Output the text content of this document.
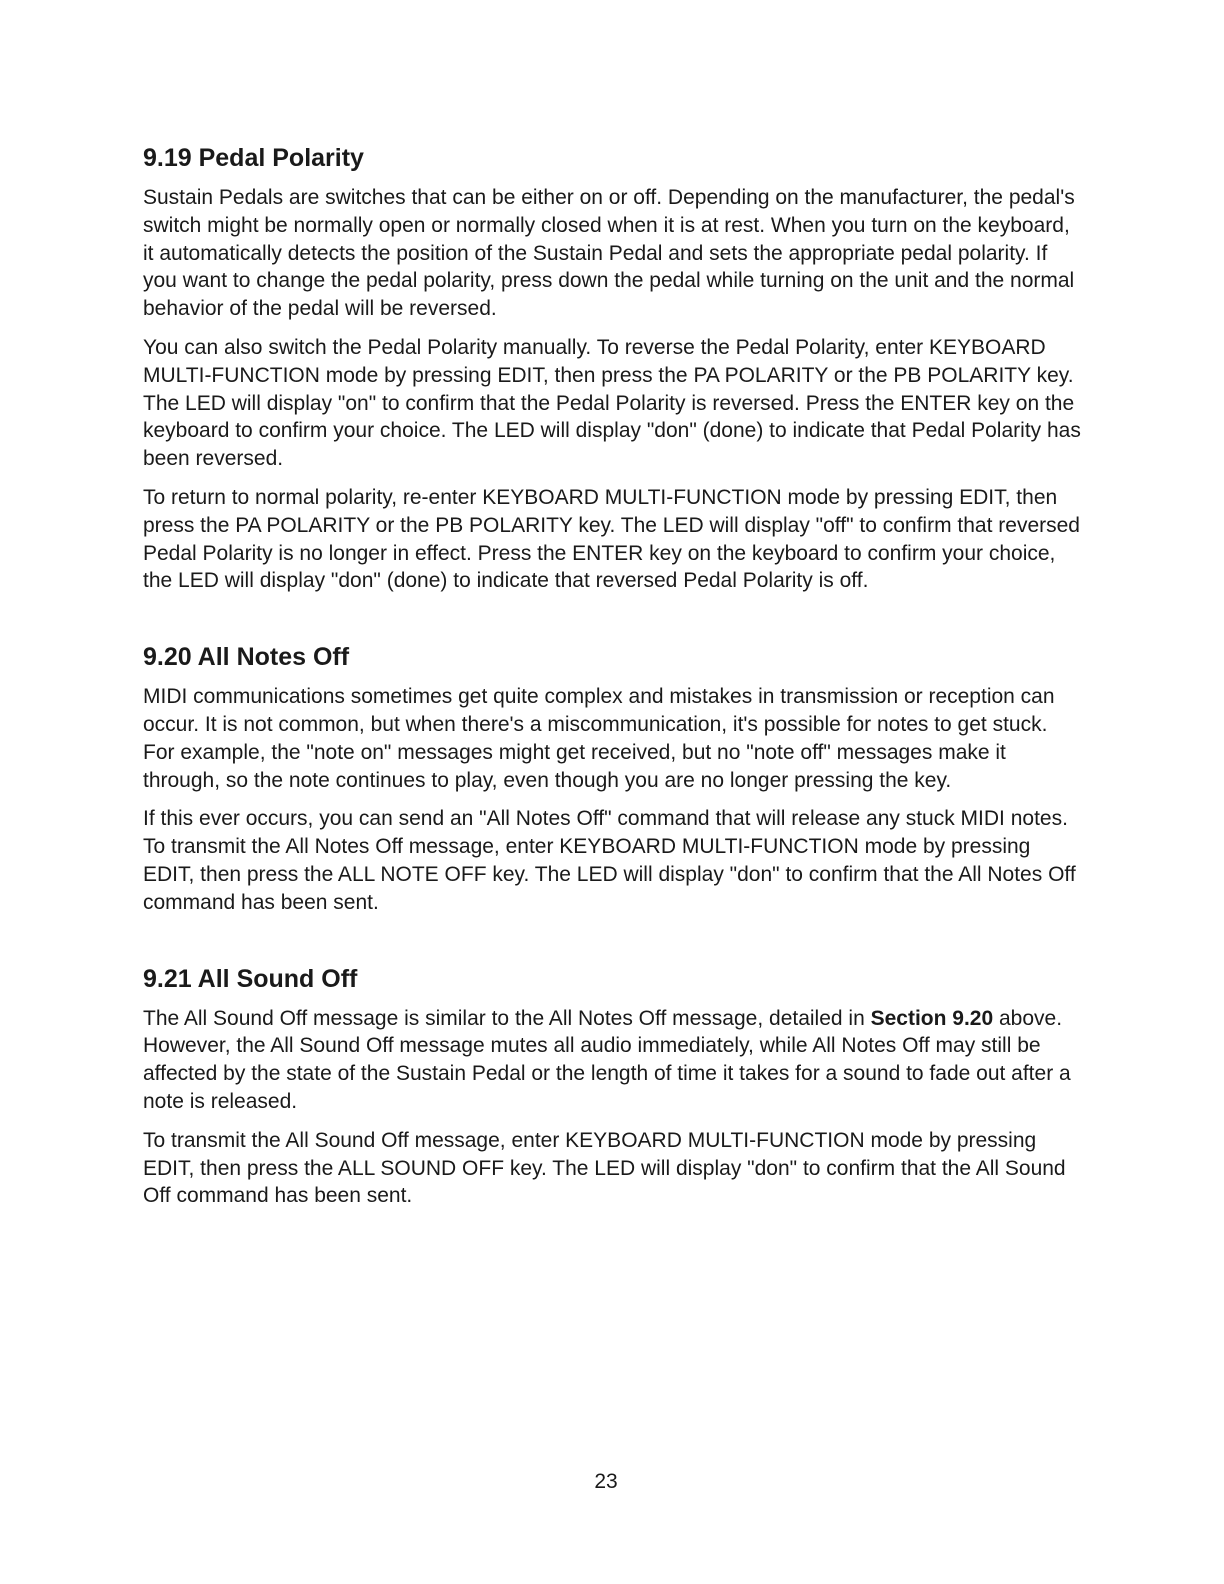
9.19 Pedal Polarity

Sustain Pedals are switches that can be either on or off. Depending on the manufacturer, the pedal's switch might be normally open or normally closed when it is at rest. When you turn on the keyboard, it automatically detects the position of the Sustain Pedal and sets the appropriate pedal polarity. If you want to change the pedal polarity, press down the pedal while turning on the unit and the normal behavior of the pedal will be reversed.

You can also switch the Pedal Polarity manually. To reverse the Pedal Polarity, enter KEYBOARD MULTI-FUNCTION mode by pressing EDIT, then press the PA POLARITY or the PB POLARITY key. The LED will display "on" to confirm that the Pedal Polarity is reversed. Press the ENTER key on the keyboard to confirm your choice. The LED will display "don" (done) to indicate that Pedal Polarity has been reversed.

To return to normal polarity, re-enter KEYBOARD MULTI-FUNCTION mode by pressing EDIT, then press the PA POLARITY or the PB POLARITY key. The LED will display "off" to confirm that reversed Pedal Polarity is no longer in effect. Press the ENTER key on the keyboard to confirm your choice, the LED will display "don" (done) to indicate that reversed Pedal Polarity is off.

9.20 All Notes Off

MIDI communications sometimes get quite complex and mistakes in transmission or reception can occur. It is not common, but when there's a miscommunication, it's possible for notes to get stuck. For example, the "note on" messages might get received, but no "note off" messages make it through, so the note continues to play, even though you are no longer pressing the key.

If this ever occurs, you can send an "All Notes Off" command that will release any stuck MIDI notes. To transmit the All Notes Off message, enter KEYBOARD MULTI-FUNCTION mode by pressing EDIT, then press the ALL NOTE OFF key. The LED will display "don" to confirm that the All Notes Off command has been sent.

9.21 All Sound Off

The All Sound Off message is similar to the All Notes Off message, detailed in Section 9.20 above. However, the All Sound Off message mutes all audio immediately, while All Notes Off may still be affected by the state of the Sustain Pedal or the length of time it takes for a sound to fade out after a note is released.

To transmit the All Sound Off message, enter KEYBOARD MULTI-FUNCTION mode by pressing EDIT, then press the ALL SOUND OFF key. The LED will display "don" to confirm that the All Sound Off command has been sent.

23
